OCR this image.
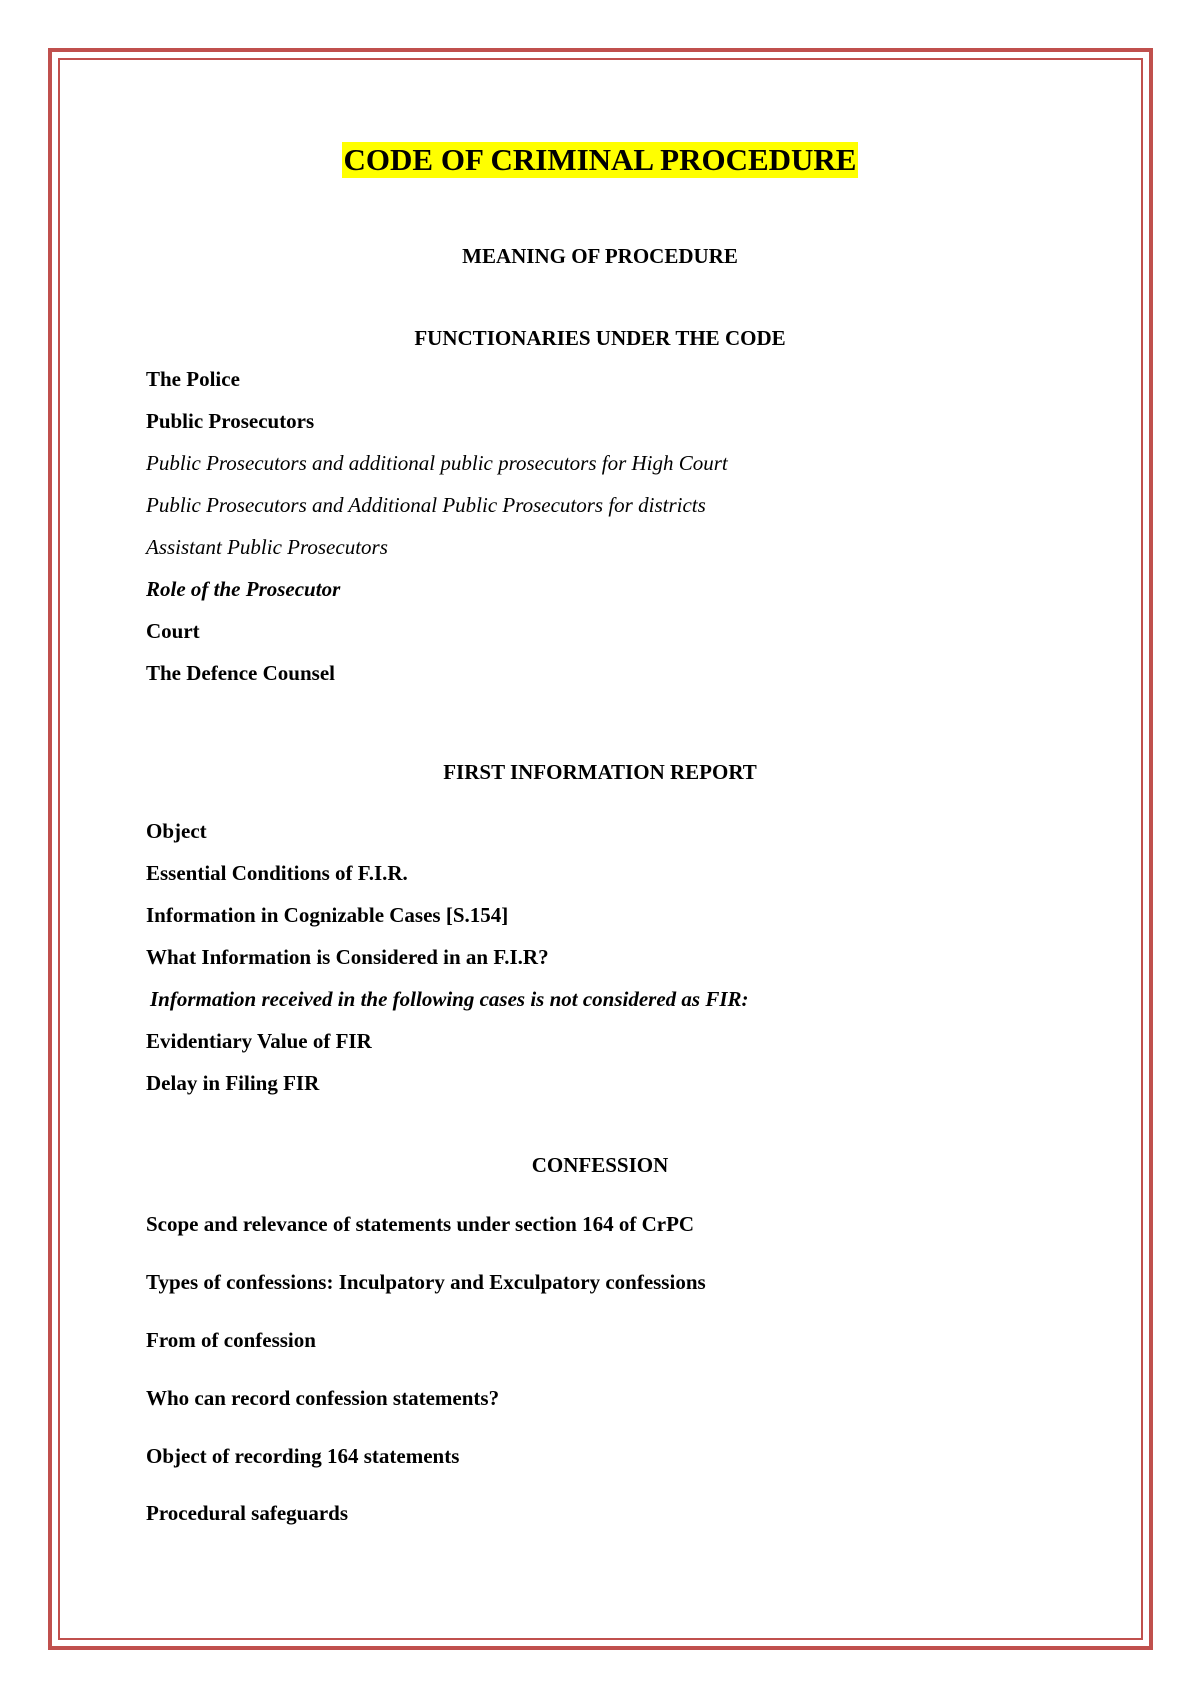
CODE OF CRIMINAL PROCEDURE
MEANING OF PROCEDURE
FUNCTIONARIES UNDER THE CODE
The Police
Public Prosecutors
Public Prosecutors and additional public prosecutors for High Court
Public Prosecutors and Additional Public Prosecutors for districts
Assistant Public Prosecutors
Role of the Prosecutor
Court
The Defence Counsel
FIRST INFORMATION REPORT
Object
Essential Conditions of F.I.R.
Information in Cognizable Cases [S.154]
What Information is Considered in an F.I.R?
Information received in the following cases is not considered as FIR:
Evidentiary Value of FIR
Delay in Filing FIR
CONFESSION
Scope and relevance of statements under section 164 of CrPC
Types of confessions: Inculpatory and Exculpatory confessions
From of confession
Who can record confession statements?
Object of recording 164 statements
Procedural safeguards
